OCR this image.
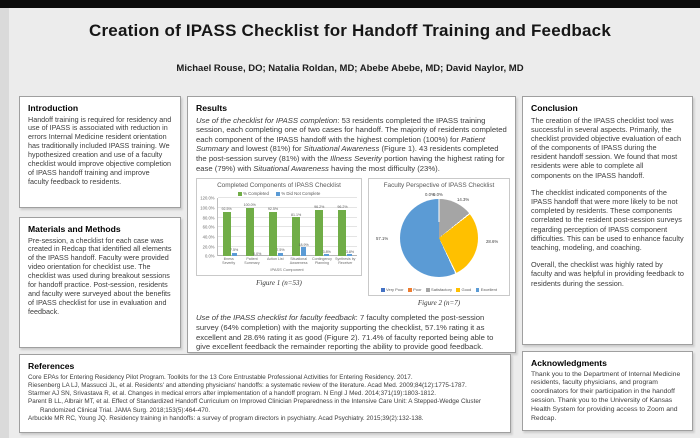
Creation of IPASS Checklist for Handoff Training and Feedback
Michael Rouse, DO; Natalia Roldan, MD; Abebe Abebe, MD; David Naylor, MD
Introduction

Handoff training is required for residency and use of IPASS is associated with reduction in errors Internal Medicine resident orientation has traditionally included IPASS training. We hypothesized creation and use of a faculty checklist would improve objective completion of IPASS handoff training and improve faculty feedback to residents.

Materials and Methods

Pre-session, a checklist for each case was created in Redcap that identified all elements of the IPASS handoff. Faculty were provided video orientation for checklist use. The checklist was used during breakout sessions for handoff practice. Post-session, residents and faculty were surveyed about the benefits of IPASS checklist for use in evaluation and feedback.

Results

Use of the checklist for IPASS completion: 53 residents completed the IPASS training session, each completing one of two cases for handoff. The majority of residents completed each component of the IPASS handoff with the highest completion (100%) for Patient Summary and lowest (81%) for Situational Awareness (Figure 1). 43 residents completed the post-session survey (81%) with the Illness Severity portion having the highest rating for ease (79%) with Situational Awareness having the most difficulty (23%).

Completed Components of IPASS Checklist
% Completed	% Did Not Complete
0.0%
20.0%
40.0%
60.0%
80.0%
100.0%
120.0%
92.5%
7.5%
100.0%
0.0%
92.5%
7.5%
81.1%
18.9%
96.2%
3.8%
96.2%
3.8%
Illness Severity
Patient Summary
Action List	Situational Awareness
Contingency Planning
Synthesis by Receiver
IPASS Component
Figure 1 (n=53)
Faculty Perspective of IPASS Checklist
0.0%
0.0%
14.3%
28.6%
57.1%
Very Poor Poor Satisfactory Good Excellent
Figure 2 (n=7)

Use of the IPASS checklist for faculty feedback: 7 faculty completed the post-session survey (64% completion) with the majority supporting the checklist, 57.1% rating it as excellent and 28.6% rating it as good (Figure 2). 71.4% of faculty reported being able to give excellent feedback the remainder reporting the ability to provide good feedback.

Conclusion

The creation of the IPASS checklist tool was successful in several aspects. Primarily, the checklist provided objective evaluation of each of the components of IPASS during the resident handoff session. We found that most residents were able to complete all components on the IPASS handoff.

The checklist indicated components of the IPASS handoff that were more likely to be not completed by residents. These components correlated to the resident post-session surveys regarding perception of IPASS component difficulties. This can be used to enhance faculty teaching, modeling, and coaching.

Overall, the checklist was highly rated by faculty and was helpful in providing feedback to residents during the session.

References

Core EPAs for Entering Residency Pilot Program. Toolkits for the 13 Core Entrustable Professional Activities for Entering Residency. 2017.

Riesenberg LA LJ, Massucci JL, et al. Residents' and attending physicians' handoffs: a systematic review of the literature. Acad Med. 2009;84(12):1775-1787.

Starmer AJ SN, Srivastava R, et al. Changes in medical errors after implementation of a handoff program. N Engl J Med. 2014;371(19):1803-1812.

Parent B LL, Albrair MT, et al. Effect of Standardized Handoff Curriculum on Improved Clinician Preparedness in the Intensive Care Unit: A Stepped-Wedge Cluster Randomized Clinical Trial. JAMA Surg. 2018;153(5):464-470.

Arbuckle MR RC, Young JQ. Residency training in handoffs: a survey of program directors in psychiatry. Acad Psychiatry. 2015;39(2):132-138.

Acknowledgments

Thank you to the Department of Internal Medicine residents, faculty physicians, and program coordinators for their participation in the handoff session. Thank you to the University of Kansas Health System for providing access to Zoom and Redcap.
